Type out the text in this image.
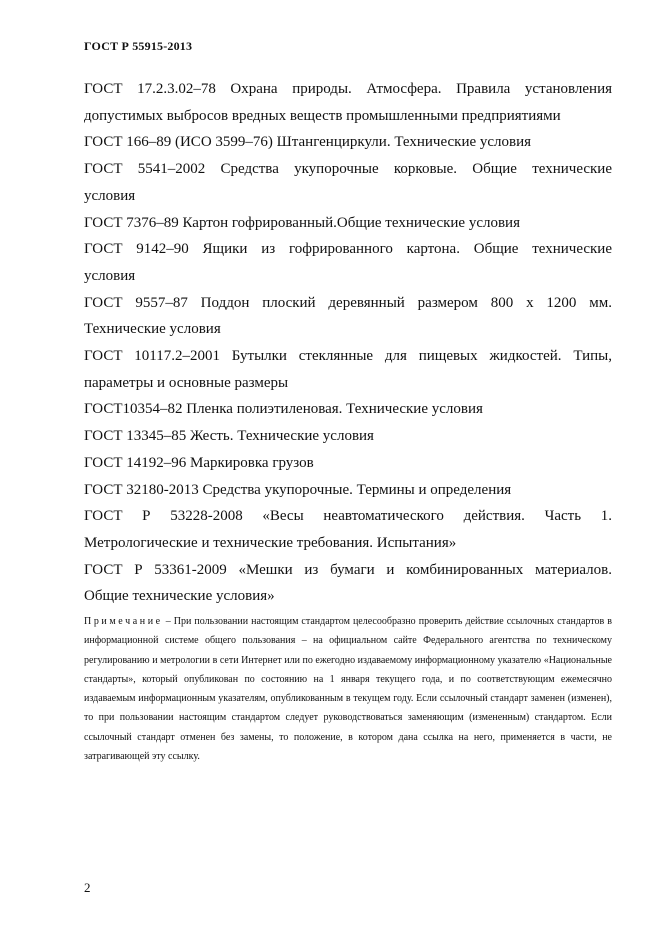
ГОСТ Р 55915-2013

ГОСТ 17.2.3.02–78 Охрана природы. Атмосфера. Правила установления
допустимых выбросов вредных веществ промышленными предприятиями

ГОСТ 166–89 (ИСО 3599–76) Штангенциркули. Технические условия

ГОСТ 5541–2002 Средства укупорочные корковые. Общие технические
условия

ГОСТ 7376–89 Картон гофрированный.Общие технические условия

ГОСТ 9142–90 Ящики из гофрированного картона. Общие технические
условия

ГОСТ 9557–87 Поддон плоский деревянный размером 800 х 1200 мм.
Технические условия

ГОСТ 10117.2–2001 Бутылки стеклянные для пищевых жидкостей. Типы,
параметры и основные размеры

ГОСТ10354–82 Пленка полиэтиленовая. Технические условия

ГОСТ 13345–85 Жесть. Технические условия

ГОСТ 14192–96 Маркировка грузов

ГОСТ 32180-2013 Средства укупорочные. Термины и определения

ГОСТ Р 53228-2008 «Весы неавтоматического действия. Часть 1.
Метрологические и технические требования. Испытания»

ГОСТ Р 53361-2009 «Мешки из бумаги и комбинированных материалов.
Общие технические условия»

Примечание – При пользовании настоящим стандартом целесообразно проверить действие ссылочных стандартов в информационной системе общего пользования – на официальном сайте Федерального агентства по техническому регулированию и метрологии в сети Интернет или по ежегодно издаваемому информационному указателю «Национальные стандарты», который опубликован по состоянию на 1 января текущего года, и по соответствующим ежемесячно издаваемым информационным указателям, опубликованным в текущем году. Если ссылочный стандарт заменен (изменен), то при пользовании настоящим стандартом следует руководствоваться заменяющим (измененным) стандартом. Если ссылочный стандарт отменен без замены, то положение, в котором дана ссылка на него, применяется в части, не затрагивающей эту ссылку.
2
